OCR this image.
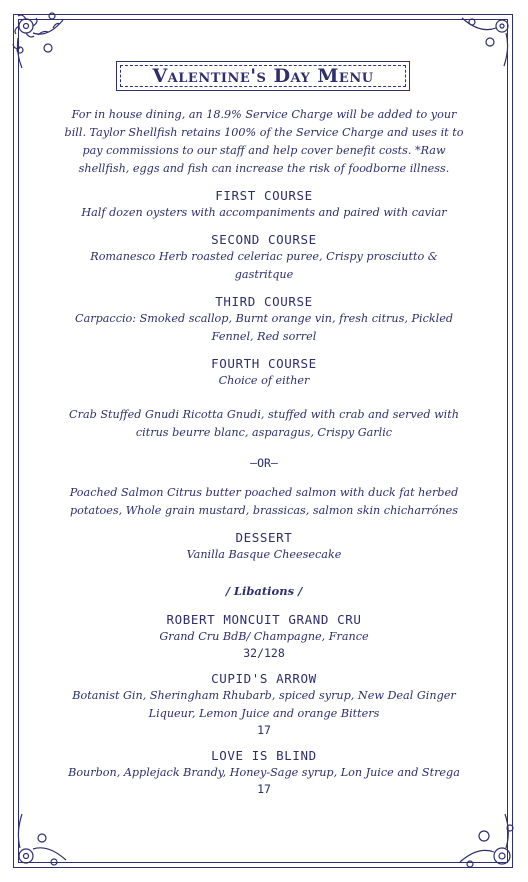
Valentine's Day Menu
For in house dining, an 18.9% Service Charge will be added to your bill. Taylor Shellfish retains 100% of the Service Charge and uses it to pay commissions to our staff and help cover benefit costs. *Raw shellfish, eggs and fish can increase the risk of foodborne illness.
FIRST COURSE
Half dozen oysters with accompaniments and paired with caviar
SECOND COURSE
Romanesco Herb roasted celeriac puree, Crispy prosciutto & gastritque
THIRD COURSE
Carpaccio: Smoked scallop, Burnt orange vin, fresh citrus, Pickled Fennel, Red sorrel
FOURTH COURSE
Choice of either
Crab Stuffed Gnudi Ricotta Gnudi, stuffed with crab and served with citrus beurre blanc, asparagus, Crispy Garlic
—OR—
Poached Salmon Citrus butter poached salmon with duck fat herbed potatoes, Whole grain mustard, brassicas, salmon skin chicharrónes
DESSERT
Vanilla Basque Cheesecake
/ Libations /
ROBERT MONCUIT GRAND CRU
Grand Cru BdB/ Champagne, France
32/128
CUPID'S ARROW
Botanist Gin, Sheringham Rhubarb, spiced syrup, New Deal Ginger Liqueur, Lemon Juice and orange Bitters
17
LOVE IS BLIND
Bourbon, Applejack Brandy, Honey-Sage syrup, Lon Juice and Strega
17
